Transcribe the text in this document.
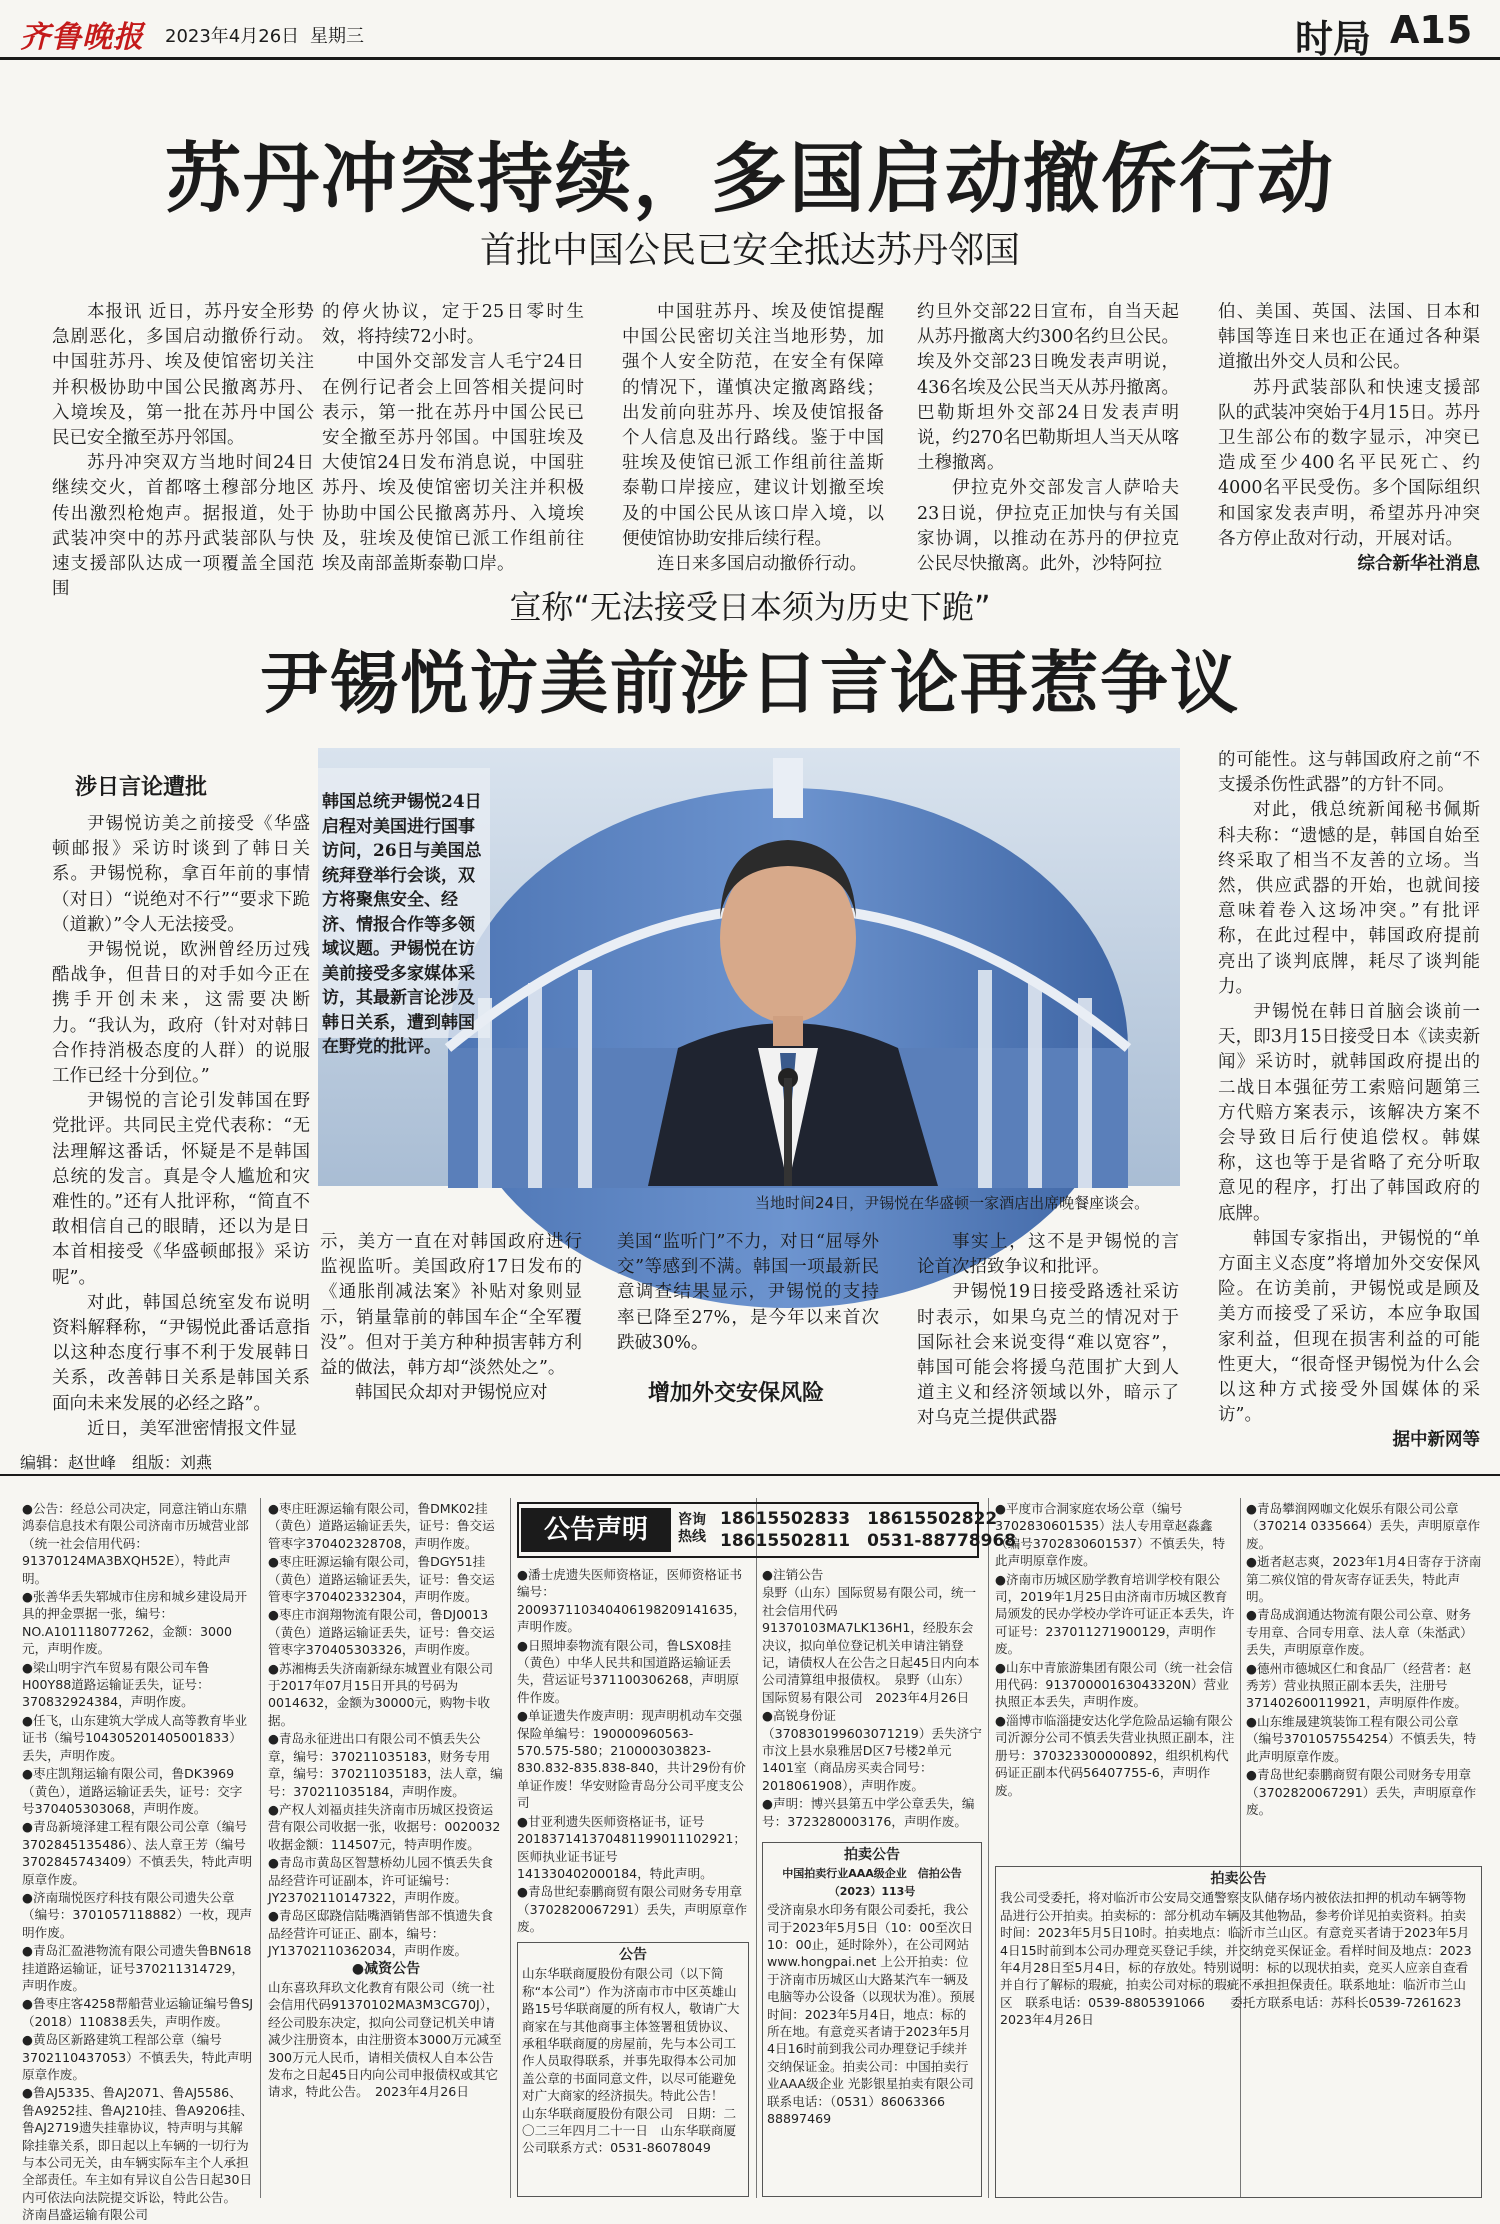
齐鲁晚报 2023年4月26日 星期三	时局 A15
苏丹冲突持续，多国启动撤侨行动
首批中国公民已安全抵达苏丹邻国

本报讯 近日，苏丹安全形势急剧恶化，多国启动撤侨行动。中国驻苏丹、埃及使馆密切关注并积极协助中国公民撤离苏丹、入境埃及，第一批在苏丹中国公民已安全撤至苏丹邻国。

苏丹冲突双方当地时间24日继续交火，首都喀土穆部分地区传出激烈枪炮声。据报道，处于武装冲突中的苏丹武装部队与快速支援部队达成一项覆盖全国范围

的停火协议，定于25日零时生效，将持续72小时。

中国外交部发言人毛宁24日在例行记者会上回答相关提问时表示，第一批在苏丹中国公民已安全撤至苏丹邻国。中国驻埃及大使馆24日发布消息说，中国驻苏丹、埃及使馆密切关注并积极协助中国公民撤离苏丹、入境埃及，驻埃及使馆已派工作组前往埃及南部盖斯泰勒口岸。

中国驻苏丹、埃及使馆提醒中国公民密切关注当地形势，加强个人安全防范，在安全有保障的情况下，谨慎决定撤离路线；出发前向驻苏丹、埃及使馆报备个人信息及出行路线。鉴于中国驻埃及使馆已派工作组前往盖斯泰勒口岸接应，建议计划撤至埃及的中国公民从该口岸入境，以便使馆协助安排后续行程。

连日来多国启动撤侨行动。

约旦外交部22日宣布，自当天起从苏丹撤离大约300名约旦公民。埃及外交部23日晚发表声明说，436名埃及公民当天从苏丹撤离。巴勒斯坦外交部24日发表声明说，约270名巴勒斯坦人当天从喀土穆撤离。

伊拉克外交部发言人萨哈夫23日说，伊拉克正加快与有关国家协调，以推动在苏丹的伊拉克公民尽快撤离。此外，沙特阿拉

伯、美国、英国、法国、日本和韩国等连日来也正在通过各种渠道撤出外交人员和公民。

苏丹武装部队和快速支援部队的武装冲突始于4月15日。苏丹卫生部公布的数字显示，冲突已造成至少400名平民死亡、约4000名平民受伤。多个国际组织和国家发表声明，希望苏丹冲突各方停止敌对行动，开展对话。

综合新华社消息

宣称“无法接受日本须为历史下跪”
尹锡悦访美前涉日言论再惹争议
涉日言论遭批

尹锡悦访美之前接受《华盛顿邮报》采访时谈到了韩日关系。尹锡悦称，拿百年前的事情（对日）“说绝对不行”“要求下跪（道歉）”令人无法接受。

尹锡悦说，欧洲曾经历过残酷战争，但昔日的对手如今正在携手开创未来，这需要决断力。“我认为，政府（针对对韩日合作持消极态度的人群）的说服工作已经十分到位。”

尹锡悦的言论引发韩国在野党批评。共同民主党代表称：“无法理解这番话，怀疑是不是韩国总统的发言。真是令人尴尬和灾难性的。”还有人批评称，“简直不敢相信自己的眼睛，还以为是日本首相接受《华盛顿邮报》采访呢”。

对此，韩国总统室发布说明资料解释称，“尹锡悦此番话意指以这种态度行事不利于发展韩日关系，改善韩日关系是韩国关系面向未来发展的必经之路”。

近日，美军泄密情报文件显

韩国总统尹锡悦24日启程对美国进行国事访问，26日与美国总统拜登举行会谈，双方将聚焦安全、经济、情报合作等多领域议题。尹锡悦在访美前接受多家媒体采访，其最新言论涉及韩日关系，遭到韩国在野党的批评。
当地时间24日，尹锡悦在华盛顿一家酒店出席晚餐座谈会。

示，美方一直在对韩国政府进行监视监听。美国政府17日发布的《通胀削减法案》补贴对象则显示，销量靠前的韩国车企“全军覆没”。但对于美方种种损害韩方利益的做法，韩方却“淡然处之”。

韩国民众却对尹锡悦应对

美国“监听门”不力，对日“屈辱外交”等感到不满。韩国一项最新民意调查结果显示，尹锡悦的支持率已降至27%，是今年以来首次跌破30%。

增加外交安保风险

事实上，这不是尹锡悦的言论首次招致争议和批评。

尹锡悦19日接受路透社采访时表示，如果乌克兰的情况对于国际社会来说变得“难以宽容”，韩国可能会将援乌范围扩大到人道主义和经济领域以外，暗示了对乌克兰提供武器

的可能性。这与韩国政府之前“不支援杀伤性武器”的方针不同。

对此，俄总统新闻秘书佩斯科夫称：“遗憾的是，韩国自始至终采取了相当不友善的立场。当然，供应武器的开始，也就间接意味着卷入这场冲突。”有批评称，在此过程中，韩国政府提前亮出了谈判底牌，耗尽了谈判能力。

尹锡悦在韩日首脑会谈前一天，即3月15日接受日本《读卖新闻》采访时，就韩国政府提出的二战日本强征劳工索赔问题第三方代赔方案表示，该解决方案不会导致日后行使追偿权。韩媒称，这也等于是省略了充分听取意见的程序，打出了韩国政府的底牌。

韩国专家指出，尹锡悦的“单方面主义态度”将增加外交安保风险。在访美前，尹锡悦或是顾及美方而接受了采访，本应争取国家利益，但现在损害利益的可能性更大，“很奇怪尹锡悦为什么会以这种方式接受外国媒体的采访”。

据中新网等

编辑：赵世峰　组版：刘燕

●公告：经总公司决定，同意注销山东鼎鸿泰信息技术有限公司济南市历城营业部（统一社会信用代码：91370124MA3BXQH52E），特此声明。

●张善华丢失郓城市住房和城乡建设局开具的押金票据一张，编号：NO.A101118077262，金额：3000元，声明作废。

●梁山明宇汽车贸易有限公司车鲁H00Y88道路运输证丢失，证号：370832924384，声明作废。

●任飞，山东建筑大学成人高等教育毕业证书（编号104305201405001833）丢失，声明作废。

●枣庄凯翔运输有限公司，鲁DK3969（黄色），道路运输证丢失，证号：交字号370405303068，声明作废。

●青岛新境泽建工程有限公司公章（编号3702845135486）、法人章王芳（编号3702845743409）不慎丢失，特此声明原章作废。

●济南瑞悦医疗科技有限公司遗失公章（编号：3701057118882）一枚，现声明作废。

●青岛汇盈港物流有限公司遗失鲁BN618挂道路运输证，证号370211314729，声明作废。

●鲁枣庄客4258帮船营业运输证编号鲁SJ（2018）110838丢失，声明作废。

●黄岛区新路建筑工程部公章（编号3702110437053）不慎丢失，特此声明原章作废。

●鲁AJ5335、鲁AJ2071、鲁AJ5586、鲁A9252挂、鲁AJ210挂、鲁A9206挂、鲁AJ2719遗失挂靠协议，特声明与其解除挂靠关系，即日起以上车辆的一切行为与本公司无关，由车辆实际车主个人承担全部责任。车主如有异议自公告日起30日内可依法向法院提交诉讼，特此公告。　济南昌盛运输有限公司

●枣庄旺源运输有限公司，鲁DMK02挂（黄色）道路运输证丢失，证号：鲁交运管枣字370402328708，声明作废。

●枣庄旺源运输有限公司，鲁DGY51挂（黄色）道路运输证丢失，证号：鲁交运管枣字370402332304，声明作废。

●枣庄市润翔物流有限公司，鲁DJ0013（黄色）道路运输证丢失，证号：鲁交运管枣字370405303326，声明作废。

●苏湘梅丢失济南新绿东城置业有限公司于2017年07月15日开具的号码为0014632，金额为30000元，购物卡收据。

●青岛永征进出口有限公司不慎丢失公章，编号：370211035183，财务专用章，编号：370211035183，法人章，编号：370211035184，声明作废。

●产权人刘福贞挂失济南市历城区投资运营有限公司收据一张，收据号：0020032收据金额：114507元，特声明作废。

●青岛市黄岛区智慧桥幼儿园不慎丢失食品经营许可证副本，许可证编号：JY23702110147322，声明作废。

●青岛区邸跷信陆嘴酒销售部不慎遗失食品经营许可证正、副本，编号：JY13702110362034，声明作废。

●减资公告

山东喜玖拜玖文化教育有限公司（统一社会信用代码91370102MA3M3CG70J），经公司股东决定，拟向公司登记机关申请减少注册资本，由注册资本3000万元减至300万元人民币，请相关债权人自本公告发布之日起45日内向公司申报债权或其它请求，特此公告。　2023年4月26日

公告声明	咨询热线
18615502833　18615502822
18615502811　0531-88778968

●潘士虎遗失医师资格证，医师资格证书编号：200937110340406198209141635，声明作废。

●日照坤泰物流有限公司，鲁LSX08挂（黄色）中华人民共和国道路运输证丢失，营运证号371100306268，声明原件作废。

●单证遗失作废声明：现声明机动车交强保险单编号：190000960563-570.575-580；210000303823-830.832-835.838-840，共计29份有价单证作废！华安财险青岛分公司平度支公司

●甘亚利遗失医师资格证书，证号201837141370481199011102921；医师执业证书证号141330402000184，特此声明。

●青岛世纪泰鹏商贸有限公司财务专用章（3702820067291）丢失，声明原章作废。

公告

山东华联商厦股份有限公司（以下简称“本公司”）作为济南市市中区英雄山路15号华联商厦的所有权人，敬请广大商家在与其他商事主体签署租赁协议、承租华联商厦的房屋前，先与本公司工作人员取得联系，并事先取得本公司加盖公章的书面同意文件，以尽可能避免对广大商家的经济损失。特此公告！　山东华联商厦股份有限公司　日期：二〇二三年四月二十一日　山东华联商厦公司联系方式：0531-86078049

●注销公告

泉野（山东）国际贸易有限公司，统一社会信用代码91370103MA7LK136H1，经股东会决议，拟向单位登记机关申请注销登记，请债权人在公告之日起45日内向本公司清算组申报债权。　泉野（山东）国际贸易有限公司　2023年4月26日

●高锐身份证（370830199603071219）丢失济宁市汶上县水泉雅居D区7号楼2单元1401室（商品房买卖合同号：2018061908），声明作废。

●声明：博兴县第五中学公章丢失，编号：3723280003176，声明作废。

拍卖公告

中国拍卖行业AAA级企业　信拍公告（2023）113号

受济南泉水印务有限公司委托，我公司于2023年5月5日（10：00至次日10：00止，延时除外），在公司网站 www.hongpai.net 上公开拍卖：位于济南市历城区山大路某汽车一辆及电脑等办公设备（以现状为准）。预展时间：2023年5月4日，地点：标的所在地。有意竞买者请于2023年5月4日16时前到我公司办理登记手续并交纳保证金。拍卖公司：中国拍卖行业AAA级企业 光影银星拍卖有限公司　联系电话：（0531）86063366　88897469

●平度市合洞家庭农场公章（编号3702830601535）法人专用章赵淼鑫（编号3702830601537）不慎丢失，特此声明原章作废。

●济南市历城区励学教育培训学校有限公司，2019年1月25日由济南市历城区教育局颁发的民办学校办学许可证正本丢失，许可证号：23701127190012​9，声明作废。

●山东中青旅游集团有限公司（统一社会信用代码：9137000016304332​0N）营业执照正本丢失，声明作废。

●淄博市临淄捷安达化学危险品运输有限公司沂源分公司不慎丢失营业执照正副本，注册号：370323300000892，组织机构代码证正副本代码56407755-6，声明作废。

●青岛攀润网咖文化娱乐有限公司公章（370214 0335664）丢失，声明原章作废。

●逝者赵志爽，2023年1月4日寄存于济南第二殡仪馆的骨灰寄存证丢失，特此声明。

●青岛成润通达物流有限公司公章、财务专用章、合同专用章、法人章（朱湉武）丢失，声明原章作废。

●德州市德城区仁和食品厂（经营者：赵秀芳）营业执照正副本丢失，注册号371402600119921，声明原件作废。

●山东维晟建筑装饰工程有限公司公章（编号3701057554254）不慎丢失，特此声明原章作废。

●青岛世纪泰鹏商贸有限公司财务专用章（3702820067291）丢失，声明原章作废。

拍卖公告

我公司受委托，将对临沂市公安局交通警察支队储存场内被依法扣押的机动车辆等物品进行公开拍卖。拍卖标的：部分机动车辆及其他物品，参考价详见拍卖资料。拍卖时间：2023年5月5日10时。拍卖地点：临沂市兰山区。有意竞买者请于2023年5月4日15时前到本公司办理竞买登记手续，并交纳竞买保证金。看样时间及地点：2023年4月28日至5月4日，标的存放处。特别说明：标的以现状拍卖，竞买人应亲自查看并自行了解标的瑕疵，拍卖公司对标的瑕疵不承担担保责任。联系地址：临沂市兰山区　联系电话：0539-8805391066　　委托方联系电话：苏科长0539-7261623　2023年4月26日
